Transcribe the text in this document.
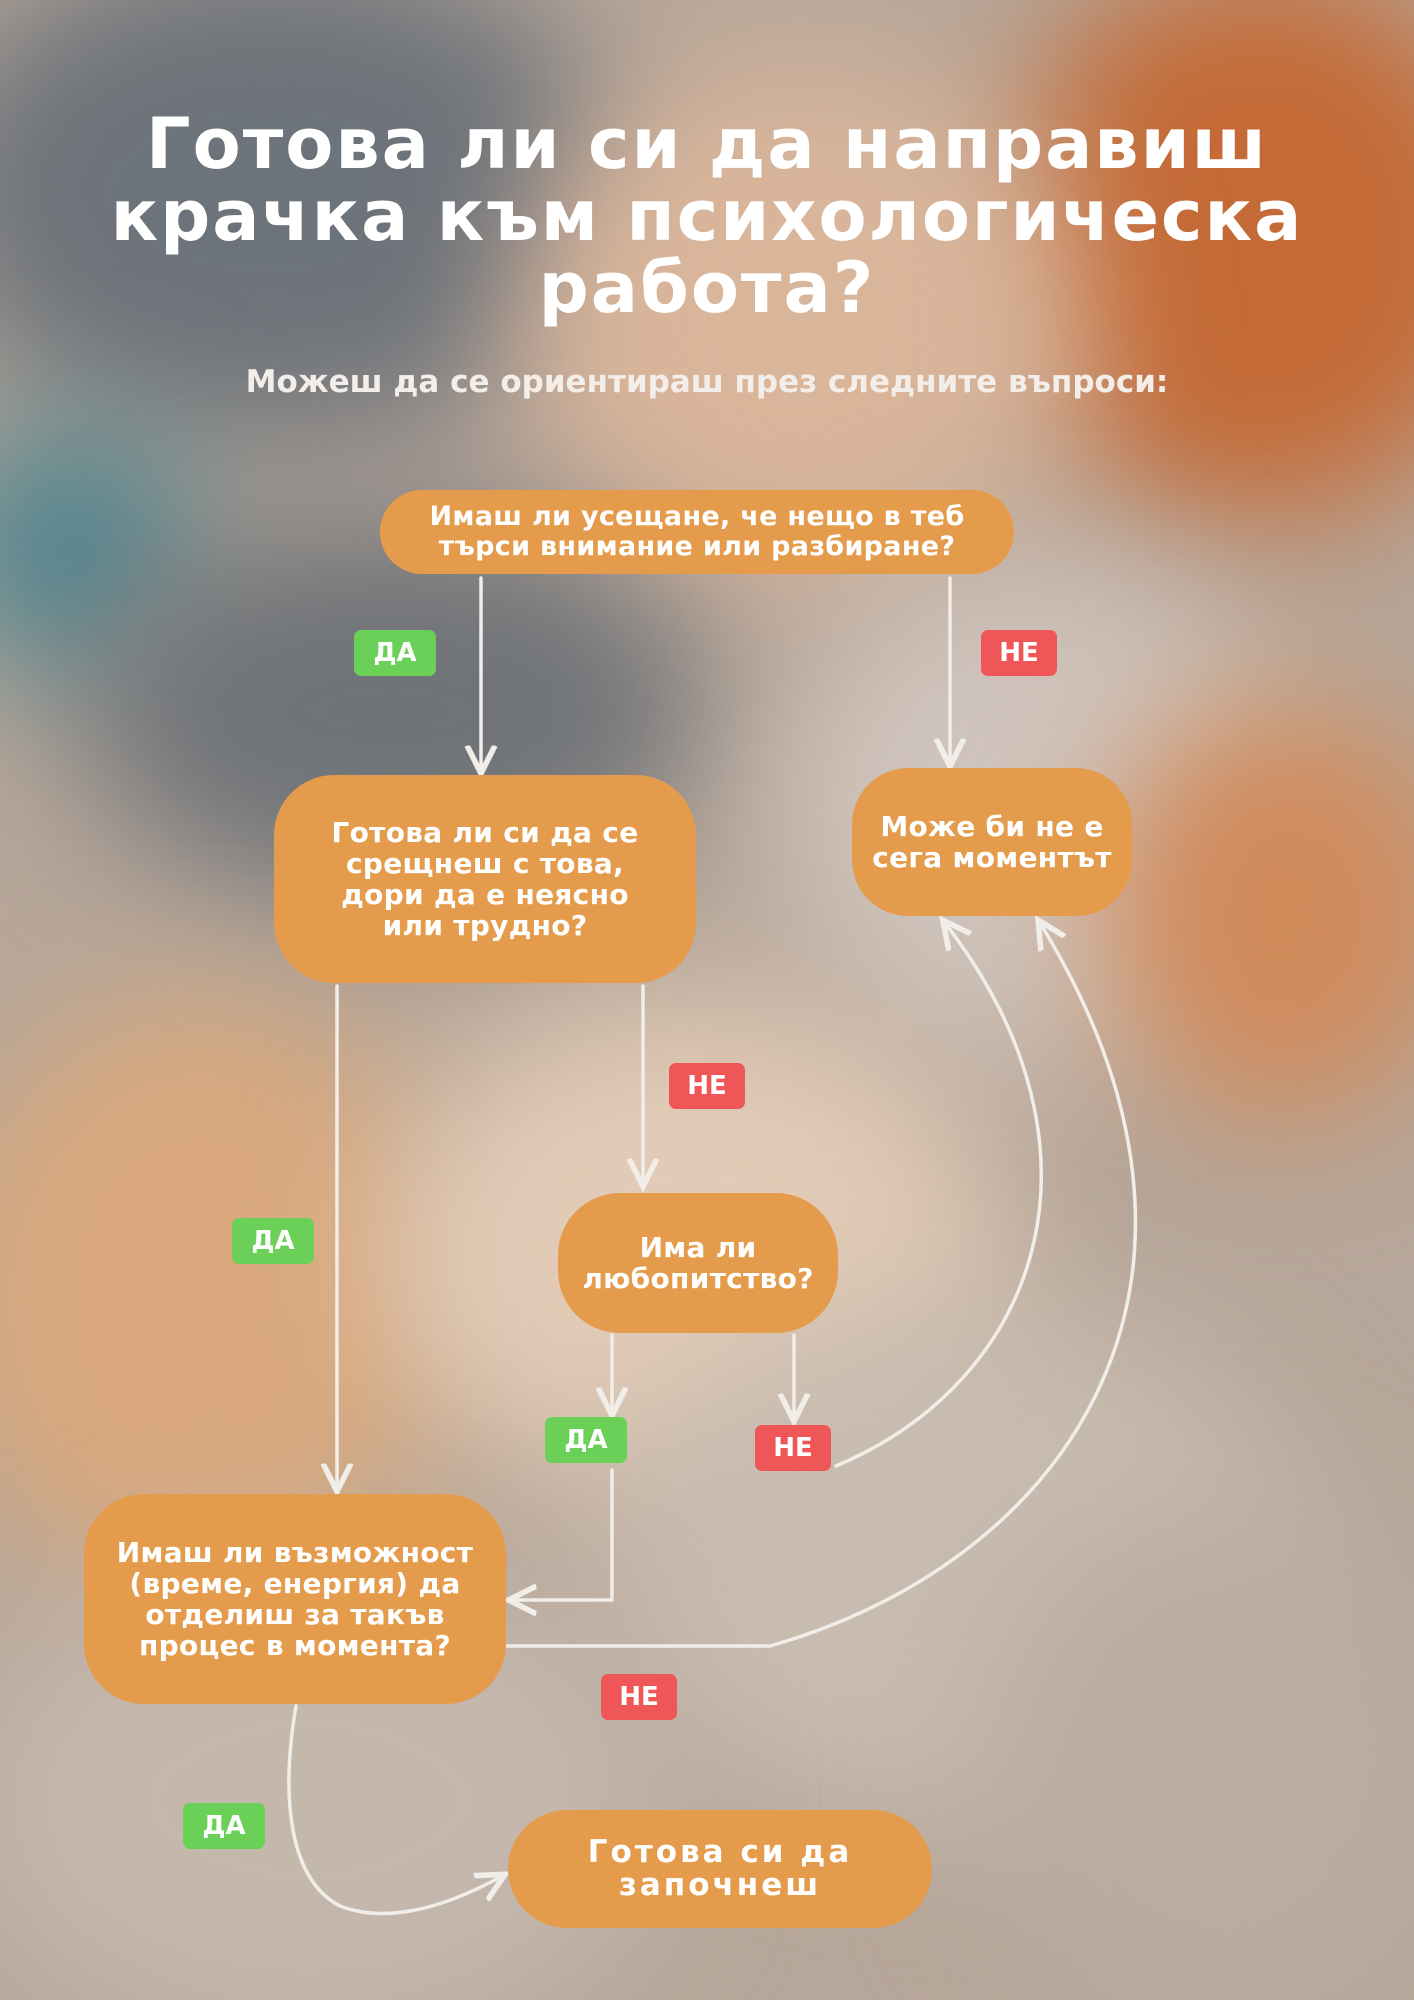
Готова ли си да направиш крачка към психологическа работа?
Можеш да се ориентираш през следните въпроси:
Имаш ли усещане, че нещо в теб търси внимание или разбиране?
Може би не е сега моментът
Готова ли си да се срещнеш с това, дори да е неясно или трудно?
Има ли любопитство?
Имаш ли възможност (време, енергия) да отделиш за такъв процес в момента?
Готова си да започнеш
ДА	НЕ
НЕ
ДА
ДА	НЕ
НЕ
ДА
